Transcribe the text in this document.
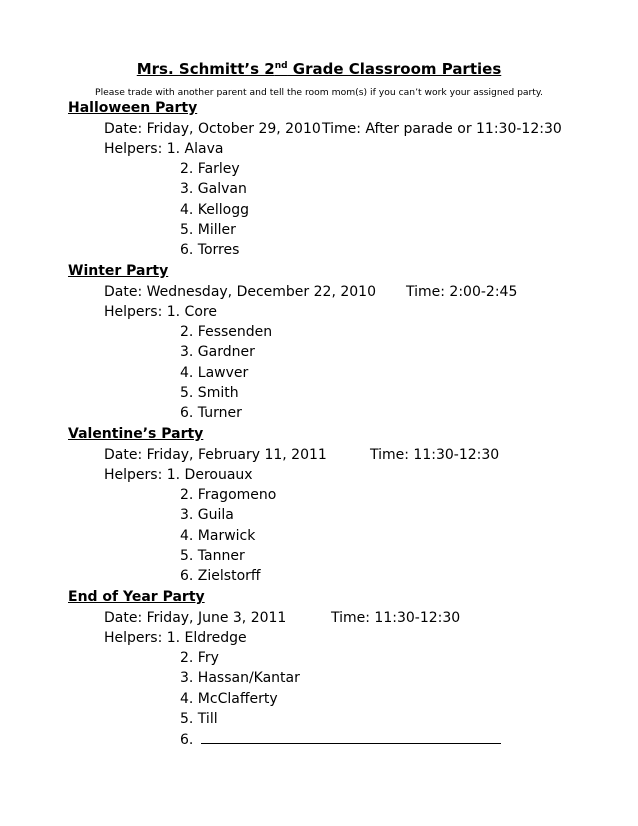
Mrs. Schmitt’s 2nd Grade Classroom Parties
Please trade with another parent and tell the room mom(s) if you can’t work your assigned party.
Halloween Party
Date: Friday, October 29, 2010 Time: After parade or 11:30-12:30
Helpers: 1. Alava
2. Farley
3. Galvan
4. Kellogg
5. Miller
6. Torres
Winter Party
Date: Wednesday, December 22, 2010 Time: 2:00-2:45
Helpers: 1. Core
2. Fessenden
3. Gardner
4. Lawver
5. Smith
6. Turner
Valentine’s Party
Date: Friday, February 11, 2011	Time: 11:30-12:30
Helpers: 1. Derouaux
2. Fragomeno
3. Guila
4. Marwick
5. Tanner
6. Zielstorff
End of Year Party
Date: Friday, June 3, 2011	Time: 11:30-12:30
Helpers: 1. Eldredge
2. Fry
3. Hassan/Kantar
4. McClafferty
5. Till
6.
